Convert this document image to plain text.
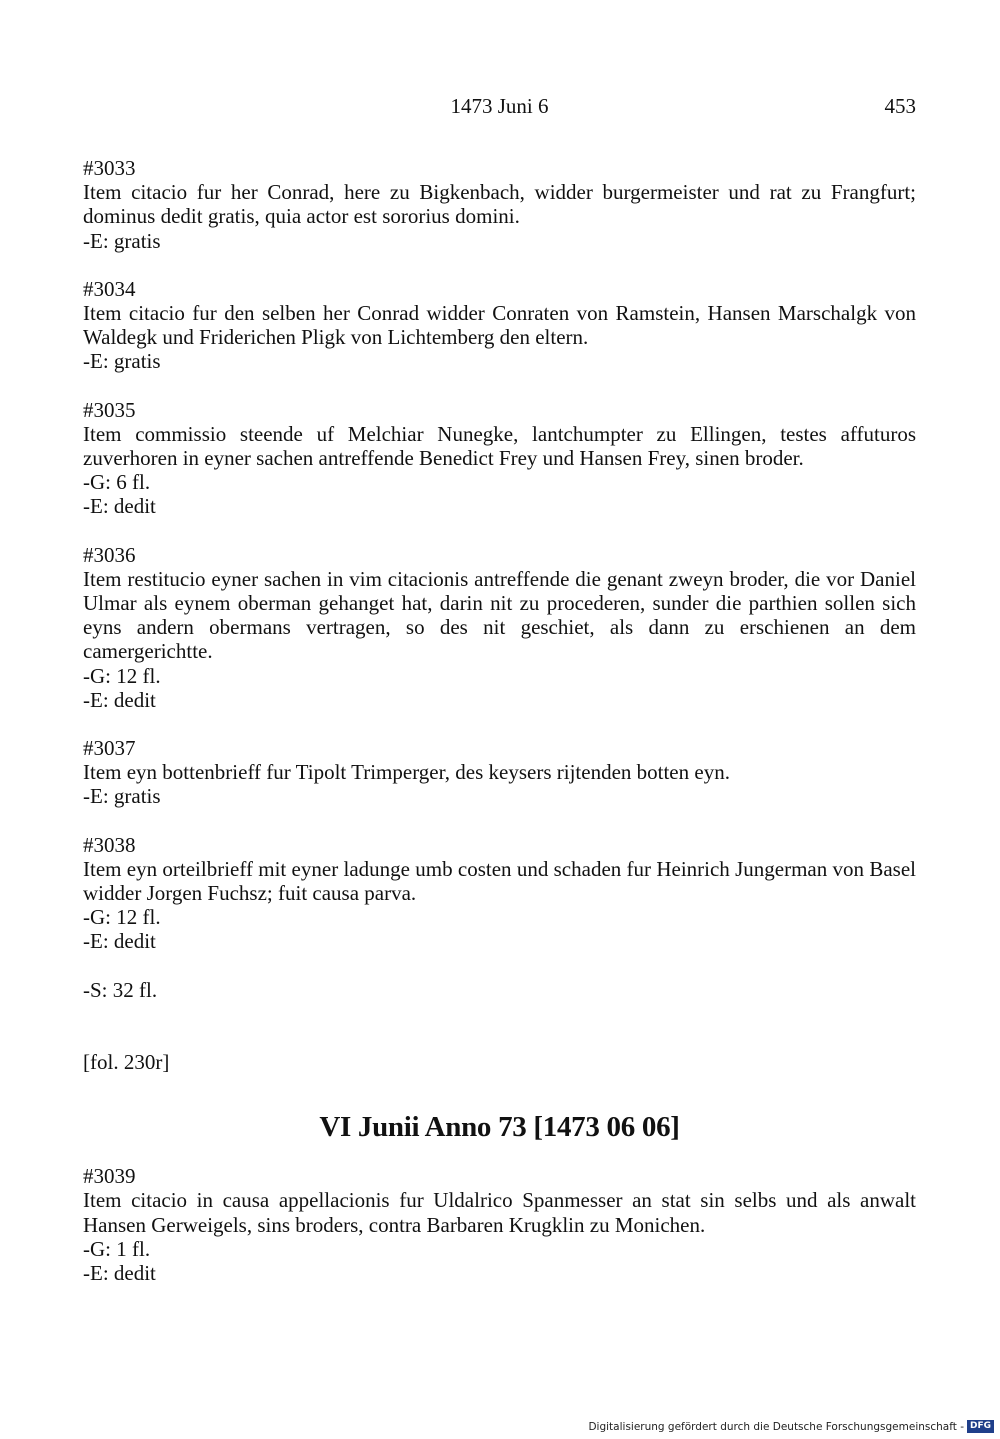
1473 Juni 6	453
#3033
Item citacio fur her Conrad, here zu Bigkenbach, widder burgermeister und rat zu Frangfurt; dominus dedit gratis, quia actor est sororius domini.
-E: gratis
#3034
Item citacio fur den selben her Conrad widder Conraten von Ramstein, Hansen Marschalgk von Waldegk und Friderichen Pligk von Lichtemberg den eltern.
-E: gratis
#3035
Item commissio steende uf Melchiar Nunegke, lantchumpter zu Ellingen, testes affuturos zuverhoren in eyner sachen antreffende Benedict Frey und Hansen Frey, sinen broder.
-G: 6 fl.
-E: dedit
#3036
Item restitucio eyner sachen in vim citacionis antreffende die genant zweyn broder, die vor Daniel Ulmar als eynem oberman gehanget hat, darin nit zu procederen, sunder die parthien sollen sich eyns andern obermans vertragen, so des nit geschiet, als dann zu erschienen an dem camergerichtte.
-G: 12 fl.
-E: dedit
#3037
Item eyn bottenbrieff fur Tipolt Trimperger, des keysers rijtenden botten eyn.
-E: gratis
#3038
Item eyn orteilbrieff mit eyner ladunge umb costen und schaden fur Heinrich Jungerman von Basel widder Jorgen Fuchsz; fuit causa parva.
-G: 12 fl.
-E: dedit
-S: 32 fl.
[fol. 230r]
VI Junii Anno 73 [1473 06 06]
#3039
Item citacio in causa appellacionis fur Uldalrico Spanmesser an stat sin selbs und als anwalt Hansen Gerweigels, sins broders, contra Barbaren Krugklin zu Monichen.
-G: 1 fl.
-E: dedit
Digitalisierung gefördert durch die Deutsche Forschungsgemeinschaft - DFG
